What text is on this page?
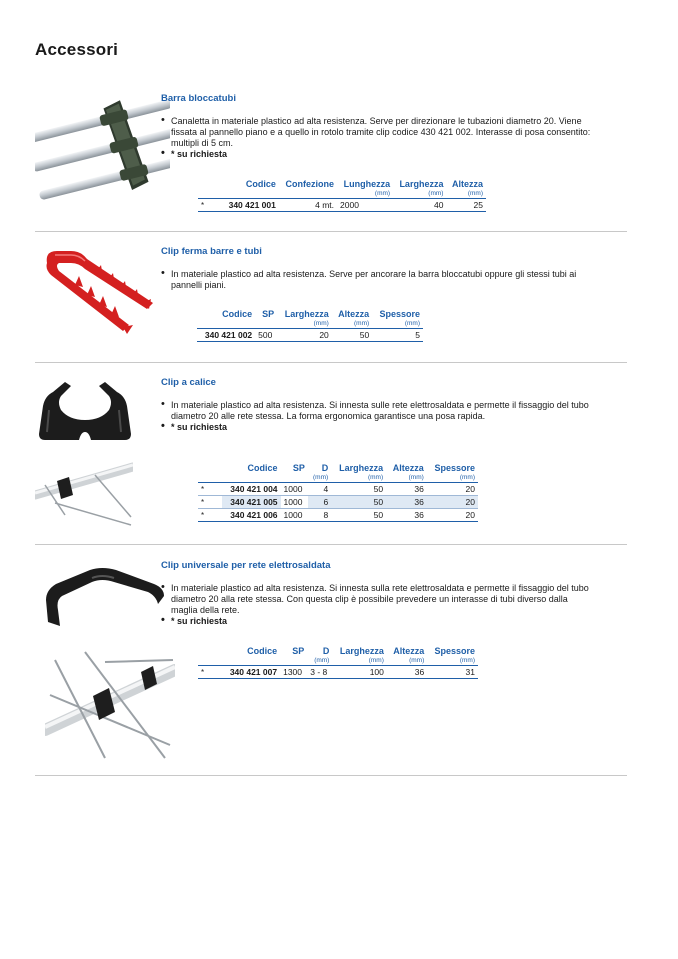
Accessori
Barra bloccatubi

• Canaletta in materiale plastico ad alta resistenza. Serve per direzionare le tubazioni diametro 20. Viene fissata al pannello piano e a quello in rotolo tramite clip codice 430 421 002. Interasse di posa consentito: multipli di 5 cm.

• * su richiesta

	Codice	Confezione	Lunghezza	Larghezza	Altezza
			(mm)	(mm)	(mm)
*	340 421 001	4 mt.	2000	40	25
Clip ferma barre e tubi

• In materiale plastico ad alta resistenza. Serve per ancorare la barra bloccatubi oppure gli stessi tubi ai pannelli piani.

Codice	SP	Larghezza	Altezza	Spessore
		(mm)	(mm)	(mm)
340 421 002	500	20	50	5
Clip a calice

• In materiale plastico ad alta resistenza. Si innesta sulle rete elettrosaldata e permette il fissaggio del tubo diametro 20 alle rete stessa. La forma ergonomica garantisce una posa rapida.

• * su richiesta

	Codice	SP	D	Larghezza	Altezza	Spessore
			(mm)	(mm)	(mm)	(mm)
*	340 421 004	1000	4	50	36	20
*	340 421 005	1000	6	50	36	20
*	340 421 006	1000	8	50	36	20
Clip universale per rete elettrosaldata

• In materiale plastico ad alta resistenza. Si innesta sulla rete elettrosaldata e permette il fissaggio del tubo diametro 20 alla rete stessa. Con questa clip è possibile prevedere un interasse di tubi diverso dalla maglia della rete.

• * su richiesta

	Codice	SP	D	Larghezza	Altezza	Spessore
			(mm)	(mm)	(mm)	(mm)
*	340 421 007	1300	3 - 8	100	36	31
